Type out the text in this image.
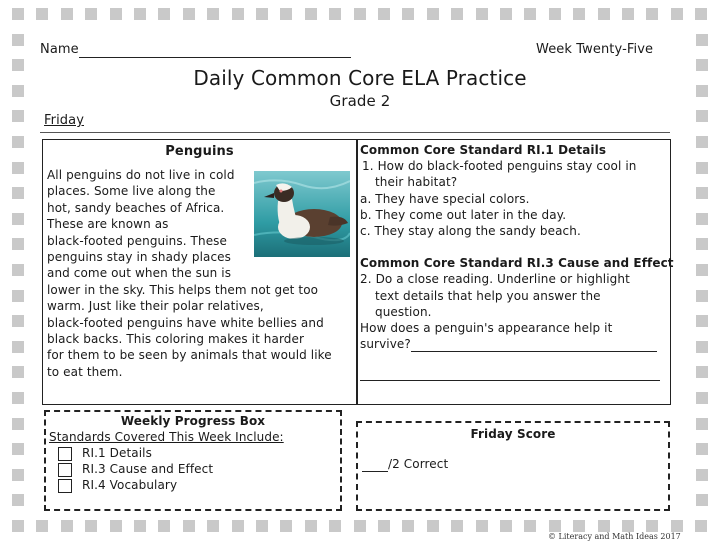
Name	Week Twenty-Five
Daily Common Core ELA Practice
Grade 2
Friday
Penguins
All penguins do not live in cold
places. Some live along the
hot, sandy beaches of Africa.
These are known as
black-footed penguins. These
penguins stay in shady places
and come out when the sun is
lower in the sky. This helps them not get too
warm. Just like their polar relatives,
black-footed penguins have white bellies and
black backs. This coloring makes it harder
for them to be seen by animals that would like
to eat them.
Common Core Standard RI.1 Details
1. How do black-footed penguins stay cool in
their habitat?
a. They have special colors.
b. They come out later in the day.
c. They stay along the sandy beach.
Common Core Standard RI.3 Cause and Effect
2. Do a close reading. Underline or highlight
text details that help you answer the
question.
How does a penguin's appearance help it
survive?
Weekly Progress Box
Standards Covered This Week Include:
RI.1 Details
RI.3 Cause and Effect
RI.4 Vocabulary
Friday Score
/2 Correct
© Literacy and Math Ideas 2017
